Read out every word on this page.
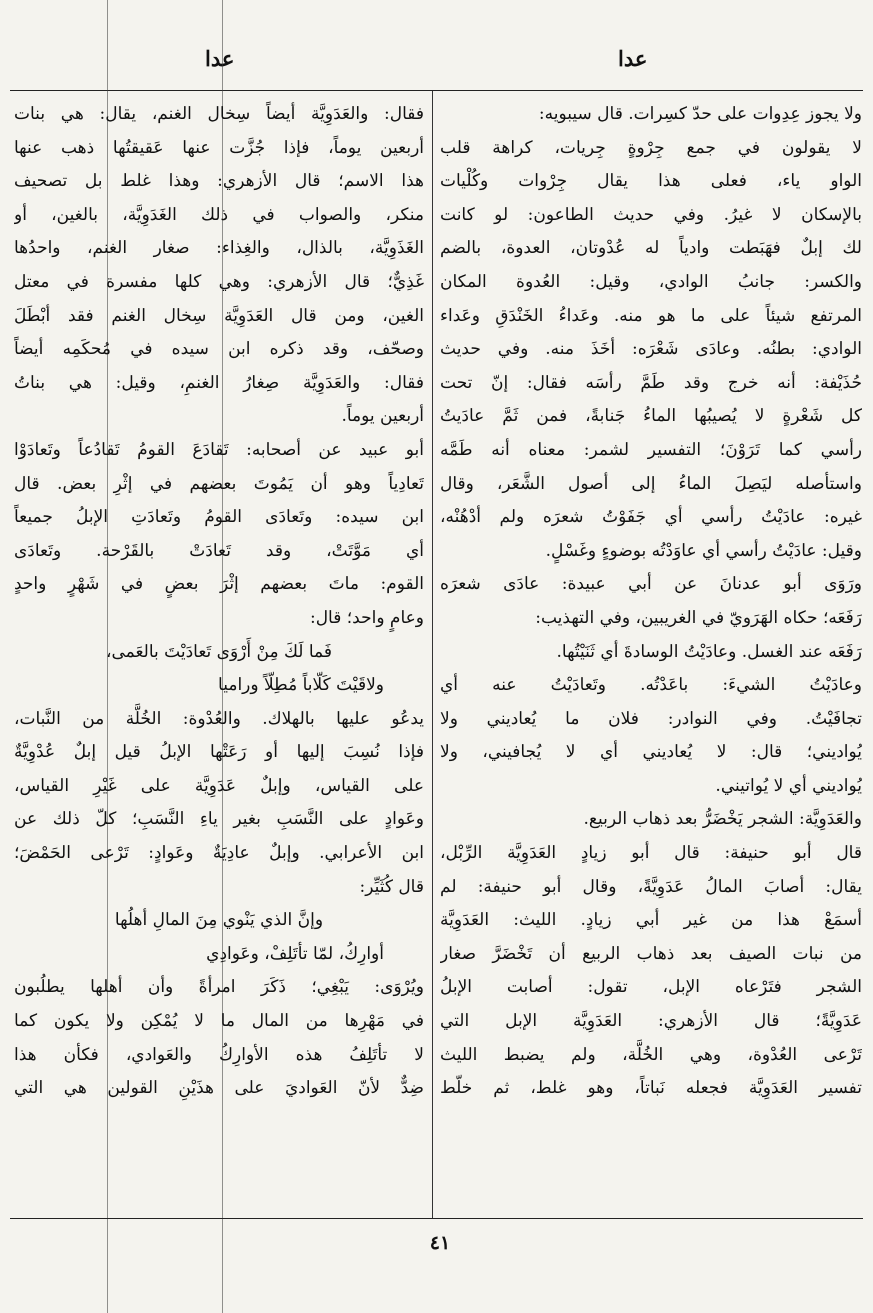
عدا
عدا
ولا يجوز عِدِوات على حدّ كسِرات. قال سيبويه:
لا يقولون في جمع جِرْوةٍ جِريات، كراهة قلب
الواو ياء، فعلى هذا يقال جِرْوات وكُلْيات
بالإسكان لا غيرُ. وفي حديث الطاعون: لو كانت
لك إبلٌ فهَبَطت وادياً له عُدْوتان، العدوة، بالضم
والكسر: جانبُ الوادي، وقيل: العُدوة المكان
المرتفع شيئاً على ما هو منه. وعَداءُ الخَنْدَقِ وعَداء
الوادي: بطنُه. وعادَى شَعْرَه: أخَذَ منه. وفي حديث
حُذَيْفة: أنه خرج وقد طَمَّ رأسَه فقال: إنّ تحت
كل شَعْرةٍ لا يُصيبُها الماءُ جَنابةً، فمن ثَمَّ عادَيتُ
رأسي كما تَرَوْنَ؛ التفسير لشمر: معناه أنه طَمَّه
واستأصله ليَصِلَ الماءُ إلى أصول الشَّعَر، وقال
غيره: عادَيْتُ رأسي أي جَفَوْتُ شعرَه ولم أدْهُنْه،
وقيل: عادَيْتُ رأسي أي عاوَدْتُه بوضوءٍ وغَسْلٍ.
ورَوَى أبو عدنانَ عن أبي عبيدة: عادَى شعرَه
رَفَعَه؛ حكاه الهَرَويّ في الغريبين، وفي التهذيب:
رَفَعَه عند الغسل. وعادَيْتُ الوسادةَ أي ثَنَيْتُها.
وعادَيْتُ الشيءَ: باعَدْتُه. وتَعادَيْتُ عنه أي
تجافَيْتُ. وفي النوادر: فلان ما يُعاديني ولا
يُواديني؛ قال: لا يُعاديني أي لا يُجافيني، ولا
يُواديني أي لا يُواتيني.
والعَدَوِيَّة: الشجر يَخْضَرُّ بعد ذهاب الربيع.
قال أبو حنيفة: قال أبو زيادٍ العَدَوِيَّة الرِّبْل،
يقال: أصابَ المالُ عَدَوِيَّةً، وقال أبو حنيفة: لم
أسمَعْ هذا من غير أبي زيادٍ. الليث: العَدَوِيَّة
من نبات الصيف بعد ذهاب الربيع أن تَخْضَرَّ صغار
الشجر فتَرْعاه الإبل، تقول: أصابت الإبلُ
عَدَوِيَّةً؛ قال الأزهري: العَدَوِيَّة الإبل التي
تَرْعى العُدْوة، وهي الخُلَّة، ولم يضبط الليث
تفسير العَدَوِيَّة فجعله نَباتاً، وهو غلط، ثم خلّط
فقال: والعَدَوِيَّة أيضاً سِخال الغنم، يقال: هي بنات
أربعين يوماً، فإذا جُزَّت عنها عَقيقتُها ذهب عنها
هذا الاسم؛ قال الأزهري: وهذا غلط بل تصحيف
منكر، والصواب في ذلك الغَدَوِيَّة، بالغين، أو
الغَذَوِيَّة، بالذال، والغِذاء: صغار الغنم، واحدُها
غَذِيٌّ؛ قال الأزهري: وهي كلها مفسرة في معتل
الغين، ومن قال العَدَوِيَّة سِخال الغنم فقد أبْطَلَ
وصحّف، وقد ذكره ابن سيده في مُحكَمِه أيضاً
فقال: والعَدَوِيَّة صِغارُ الغنمِ، وقيل: هي بناتُ
أربعين يوماً.
أبو عبيد عن أصحابه: تَقادَعَ القومُ تَقادُعاً وتَعادَوْا
تَعادِياً وهو أن يَمُوتَ بعضهم في إثْرِ بعض. قال
ابن سيده: وتَعادَى القومُ وتَعادَتِ الإبلُ جميعاً
أي مَوَّتَتْ، وقد تَعادَتْ بالقَرْحة. وتَعادَى
القوم: ماتَ بعضهم إثْرَ بعضٍ في شَهْرٍ واحدٍ
وعامٍ واحد؛ قال:
فَما لَكَ مِنْ أَرْوَى تَعادَيْتَ بالعَمى،
ولاقَيْتَ كَلّاباً مُطِلّاً وراميا
يدعُو عليها بالهلاك. والعُدْوة: الخُلَّة من النَّبات،
فإذا نُسِبَ إليها أو رَعَتْها الإبلُ قيل إبلٌ عُدْوِيَّةٌ
على القياس، وإبلٌ عَدَوِيَّة على غَيْرِ القياس،
وعَوادٍ على النَّسَبِ بغير ياءِ النَّسَبِ؛ كلّ ذلك عن
ابن الأعرابي. وإبلٌ عادِيَةٌ وعَوادٍ: تَرْعى الحَمْضَ؛
قال كُثَيِّر:
وإنَّ الذي يَنْوي مِنَ المالِ أهلُها
أوارِكُ، لمّا تأتَلِفْ، وعَوادِي
ويُرْوَى: يَبْغِي؛ ذَكَرَ امرأةً وأن أهلها يطلُبون
في مَهْرِها من المال ما لا يُمْكِن ولا يكون كما
لا تأتَلِفُ هذه الأوارِكُ والعَوادي، فكأن هذا
ضِدٌّ لأنّ العَواديَ على هذَيْنِ القولين هي التي
٤١
